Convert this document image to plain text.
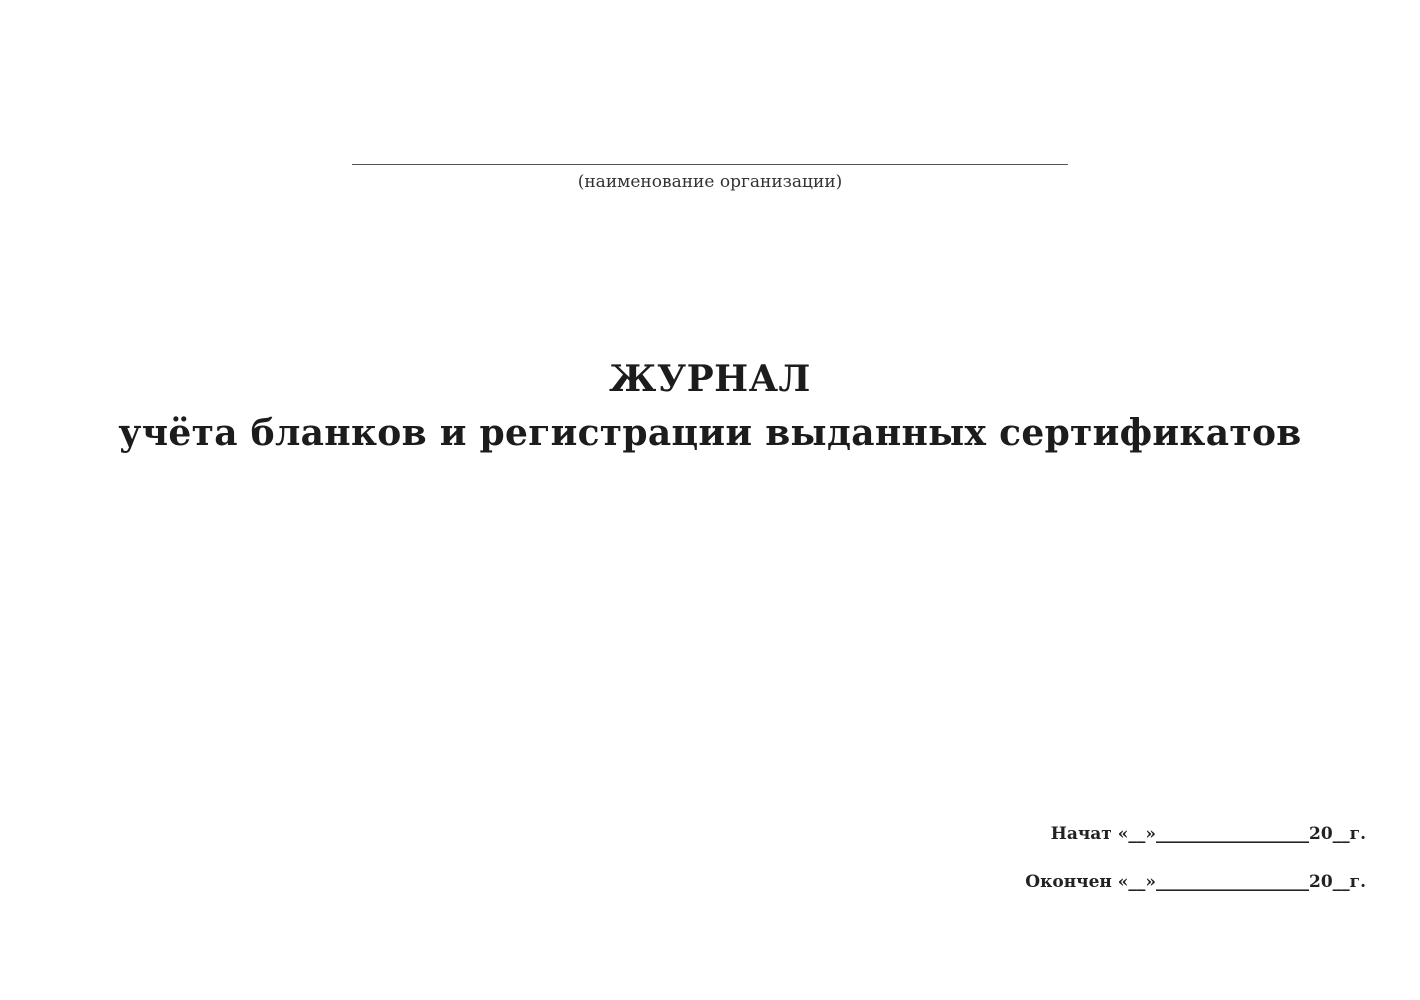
(наименование организации)
ЖУРНАЛ
учёта бланков и регистрации выданных сертификатов
Начат «__»__________________20__г.
Окончен «__»__________________20__г.
